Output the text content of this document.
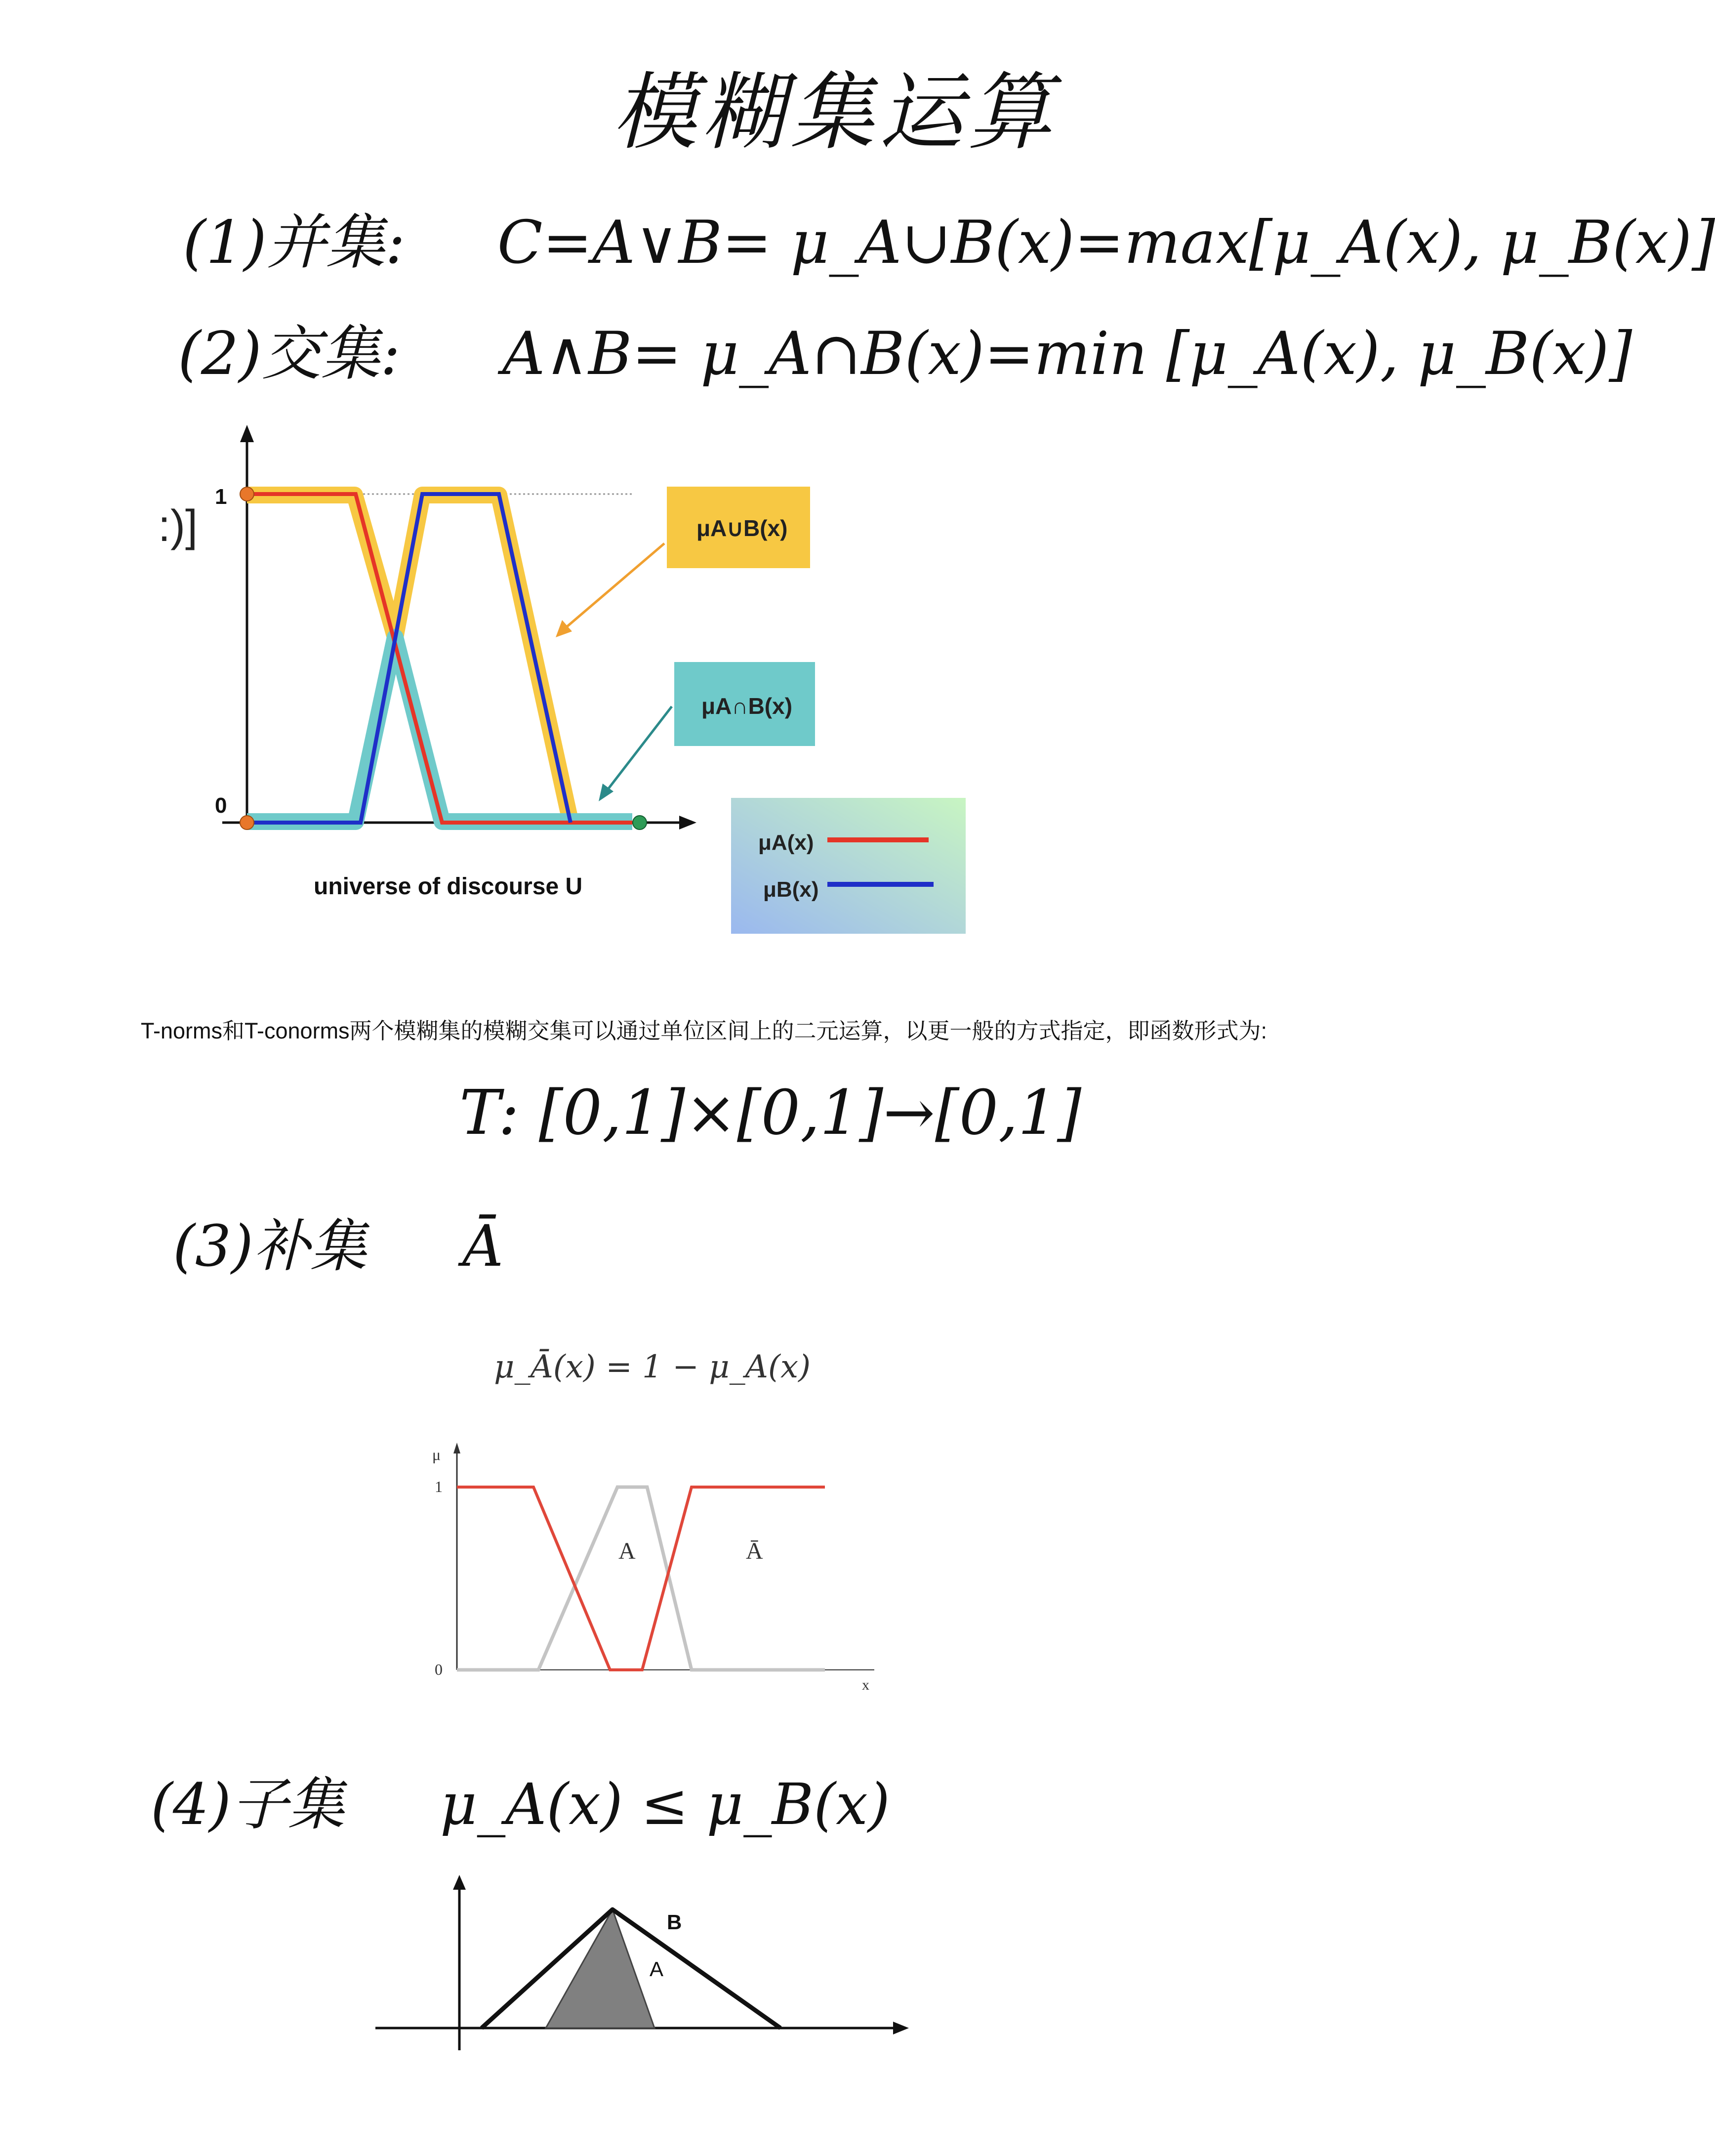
模糊集运算
(1)并集: C=A∨B= μ_A∪B(x)=max[μ_A(x), μ_B(x)]
(2)交集: A∧B= μ_A∩B(x)=min [μ_A(x), μ_B(x)]
:)]
1
0
universe of discourse U
μA∪B(x)
μA∩B(x)
μA(x)
μB(x)
T-norms和T-conorms两个模糊集的模糊交集可以通过单位区间上的二元运算，以更一般的方式指定，即函数形式为:
T: [0,1]×[0,1]→[0,1]
(3)补集 Ā
μ_Ā(x) = 1 − μ_A(x)
μ
1
0
x
A	Ā
(4)子集 μ_A(x) ≤ μ_B(x)
B
A
